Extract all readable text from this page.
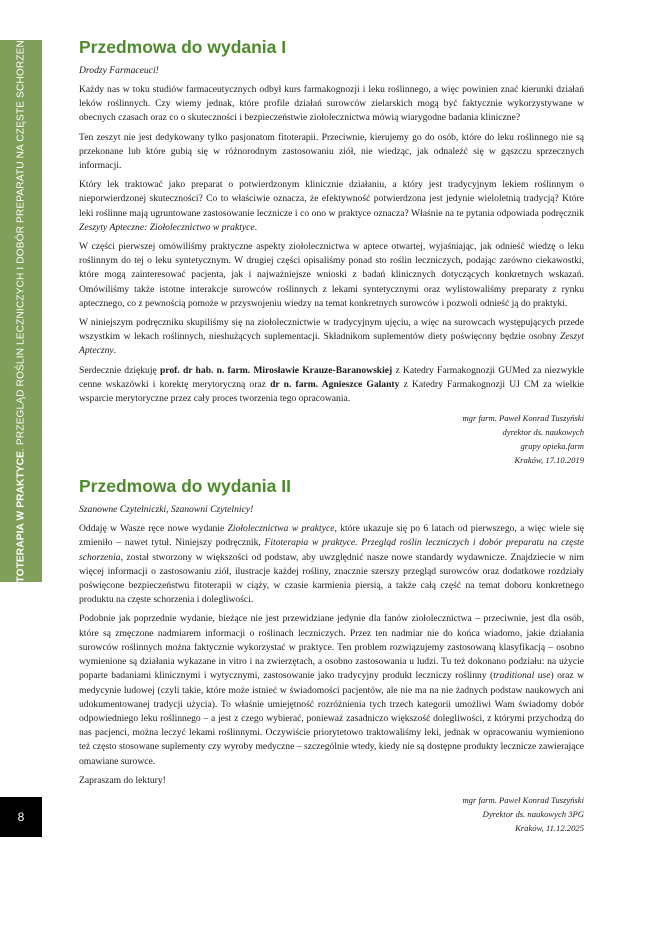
FITOTERAPIA W PRAKTYCE. PRZEGLĄD ROŚLIN LECZNICZYCH I DOBÓR PREPARATU NA CZĘSTE SCHORZENIA
8
Przedmowa do wydania I
Drodzy Farmaceuci!

Każdy nas w toku studiów farmaceutycznych odbył kurs farmakognozji i leku roślinnego, a więc powinien znać kierunki działań leków roślinnych. Czy wiemy jednak, które profile działań surowców zielarskich mogą być faktycznie wykorzystywane w obecnych czasach oraz co o skuteczności i bezpieczeństwie ziołolecznictwa mówią wiarygodne badania kliniczne?

Ten zeszyt nie jest dedykowany tylko pasjonatom fitoterapii. Przeciwnie, kierujemy go do osób, które do leku roślinnego nie są przekonane lub które gubią się w różnorodnym zastosowaniu ziół, nie wiedząc, jak odnaleźć się w gąszczu sprzecznych informacji.

Który lek traktować jako preparat o potwierdzonym klinicznie działaniu, a który jest tradycyjnym lekiem roślinnym o nieporwierdzonej skuteczności? Co to właściwie oznacza, że efektywność potwierdzona jest jedynie wieloletnią tradycją? Które leki roślinne mają ugruntowane zastosowanie lecznicze i co ono w praktyce oznacza? Właśnie na te pytania odpowiada podręcznik Zeszyty Apteczne: Ziołolecznictwo w praktyce.

W części pierwszej omówiliśmy praktyczne aspekty ziołolecznictwa w aptece otwartej, wyjaśniając, jak odnieść wiedzę o leku roślinnym do tej o leku syntetycznym. W drugiej części opisaliśmy ponad sto roślin leczniczych, podając zarówno ciekawostki, które mogą zainteresować pacjenta, jak i najważniejsze wnioski z badań klinicznych dotyczących konkretnych wskazań. Omówiliśmy także istotne interakcje surowców roślinnych z lekami syntetycznymi oraz wylistowaliśmy preparaty z rynku aptecznego, co z pewnością pomoże w przyswojeniu wiedzy na temat konkretnych surowców i pozwoli odnieść ją do praktyki.

W niniejszym podręczniku skupiliśmy się na ziołolecznictwie w tradycyjnym ujęciu, a więc na surowcach występujących przede wszystkim w lekach roślinnych, nieshużących suplementacji. Składnikom suplementów diety poświęcony będzie osobny Zeszyt Apteczny.

Serdecznie dziękuję prof. dr hab. n. farm. Mirosławie Krauze-Baranowskiej z Katedry Farmakognozji GUMed za niezwykle cenne wskazówki i korektę merytoryczną oraz dr n. farm. Agnieszce Galanty z Katedry Farmakognozji UJ CM za wielkie wsparcie merytoryczne przez cały proces tworzenia tego opracowania.

mgr farm. Paweł Konrad Tuszyński
dyrektor ds. naukowych
grupy opieka.farm
Kraków, 17.10.2019
Przedmowa do wydania II
Szanowne Czytelniczki, Szanowni Czytelnicy!

Oddaję w Wasze ręce nowe wydanie Ziołolecznictwa w praktyce, które ukazuje się po 6 latach od pierwszego, a więc wiele się zmieniło – nawet tytuł. Niniejszy podręcznik, Fitoterapia w praktyce. Przegląd roślin leczniczych i dobór preparatu na częste schorzenia, został stworzony w większości od podstaw, aby uwzględnić nasze nowe standardy wydawnicze. Znajdziecie w nim więcej informacji o zastosowaniu ziół, ilustracje każdej rośliny, znacznie szerszy przegląd surowców oraz dodatkowe rozdziały poświęcone bezpieczeństwu fitoterapii w ciąży, w czasie karmienia piersią, a także całą część na temat doboru konkretnego produktu na częste schorzenia i dolegliwości.

Podobnie jak poprzednie wydanie, bieżące nie jest przewidziane jedynie dla fanów ziołolecznictwa – przeciwnie, jest dla osób, które są zmęczone nadmiarem informacji o roślinach leczniczych. Przez ten nadmiar nie do końca wiadomo, jakie działania surowców roślinnych można faktycznie wykorzystać w praktyce. Ten problem rozwiązujemy zastosowaną klasyfikacją – osobno wymienione są działania wykazane in vitro i na zwierzętach, a osobno zastosowania u ludzi. Tu też dokonano podziału: na użycie poparte badaniami klinicznymi i wytycznymi, zastosowanie jako tradycyjny produkt leczniczy roślinny (traditional use) oraz w medycynie ludowej (czyli takie, które może istnieć w świadomości pacjentów, ale nie ma na nie żadnych podstaw naukowych ani udokumentowanej tradycji użycia). To właśnie umiejętność rozróżnienia tych trzech kategorii umożliwi Wam świadomy dobór odpowiedniego leku roślinnego – a jest z czego wybierać, ponieważ zasadniczo większość dolegliwości, z którymi przychodzą do nas pacjenci, można leczyć lekami roślinnymi. Oczywiście priorytetowo traktowaliśmy leki, jednak w opracowaniu wymieniono też często stosowane suplementy czy wyroby medyczne – szczególnie wtedy, kiedy nie są dostępne produkty lecznicze zawierające omawiane surowce.

Zapraszam do lektury!

mgr farm. Paweł Konrad Tuszyński
Dyrektor ds. naukowych 3PG
Kraków, 11.12.2025
